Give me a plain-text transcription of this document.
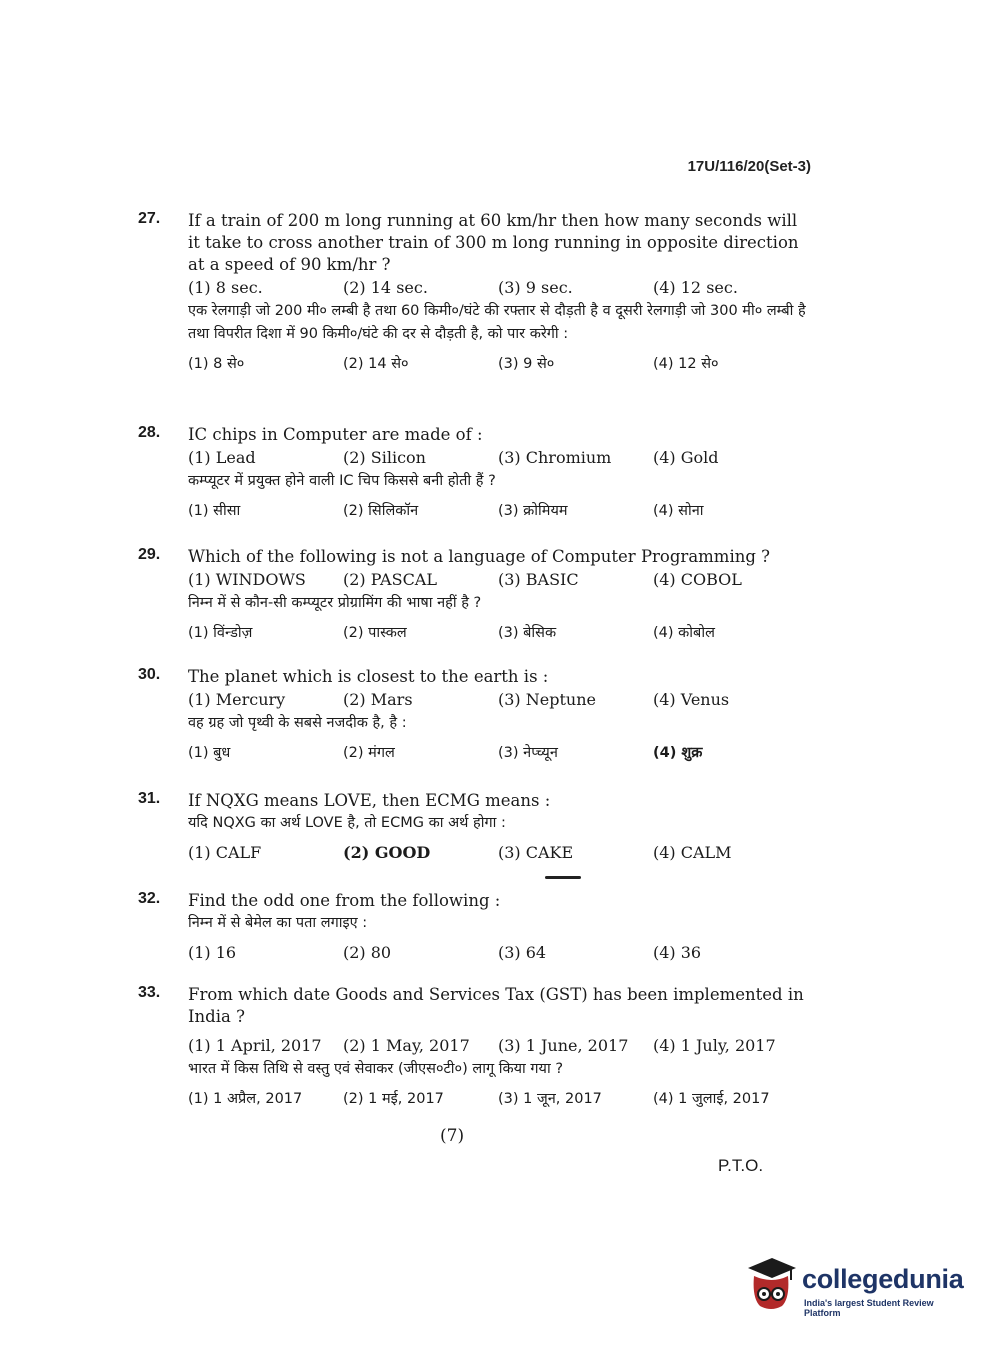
17U/116/20(Set-3)
27. If a train of 200 m long running at 60 km/hr then how many seconds will it take to cross another train of 300 m long running in opposite direction at a speed of 90 km/hr ?
(1) 8 sec.	(2) 14 sec.	(3) 9 sec.	(4) 12 sec.
एक रेलगाड़ी जो 200 मी० लम्बी है तथा 60 किमी०/घंटे की रफ्तार से दौड़ती है व दूसरी रेलगाड़ी जो 300 मी० लम्बी है तथा विपरीत दिशा में 90 किमी०/घंटे की दर से दौड़ती है, को पार करेगी :
(1) 8 से०	(2) 14 से०	(3) 9 से०	(4) 12 से०
28. IC chips in Computer are made of :
(1) Lead	(2) Silicon	(3) Chromium	(4) Gold
कम्प्यूटर में प्रयुक्त होने वाली IC चिप किससे बनी होती हैं ?
(1) सीसा	(2) सिलिकॉन	(3) क्रोमियम	(4) सोना
29. Which of the following is not a language of Computer Programming ?
(1) WINDOWS	(2) PASCAL	(3) BASIC	(4) COBOL
निम्न में से कौन-सी कम्प्यूटर प्रोग्रामिंग की भाषा नहीं है ?
(1) विंन्डोज़	(2) पास्कल	(3) बेसिक	(4) कोबोल
30. The planet which is closest to the earth is :
(1) Mercury	(2) Mars	(3) Neptune	(4) Venus
वह ग्रह जो पृथ्वी के सबसे नजदीक है, है :
(1) बुध	(2) मंगल	(3) नेप्च्यून	(4) शुक्र
31. If NQXG means LOVE, then ECMG means :
यदि NQXG का अर्थ LOVE है, तो ECMG का अर्थ होगा :
(1) CALF	(2) GOOD	(3) CAKE	(4) CALM
32. Find the odd one from the following :
निम्न में से बेमेल का पता लगाइए :
(1) 16	(2) 80	(3) 64	(4) 36
33. From which date Goods and Services Tax (GST) has been implemented in India ?
(1) 1 April, 2017	(2) 1 May, 2017	(3) 1 June, 2017	(4) 1 July, 2017
भारत में किस तिथि से वस्तु एवं सेवाकर (जीएस०टी०) लागू किया गया ?
(1) 1 अप्रैल, 2017	(2) 1 मई, 2017	(3) 1 जून, 2017	(4) 1 जुलाई, 2017
(7)
P.T.O.
collegedunia
India's largest Student Review Platform
